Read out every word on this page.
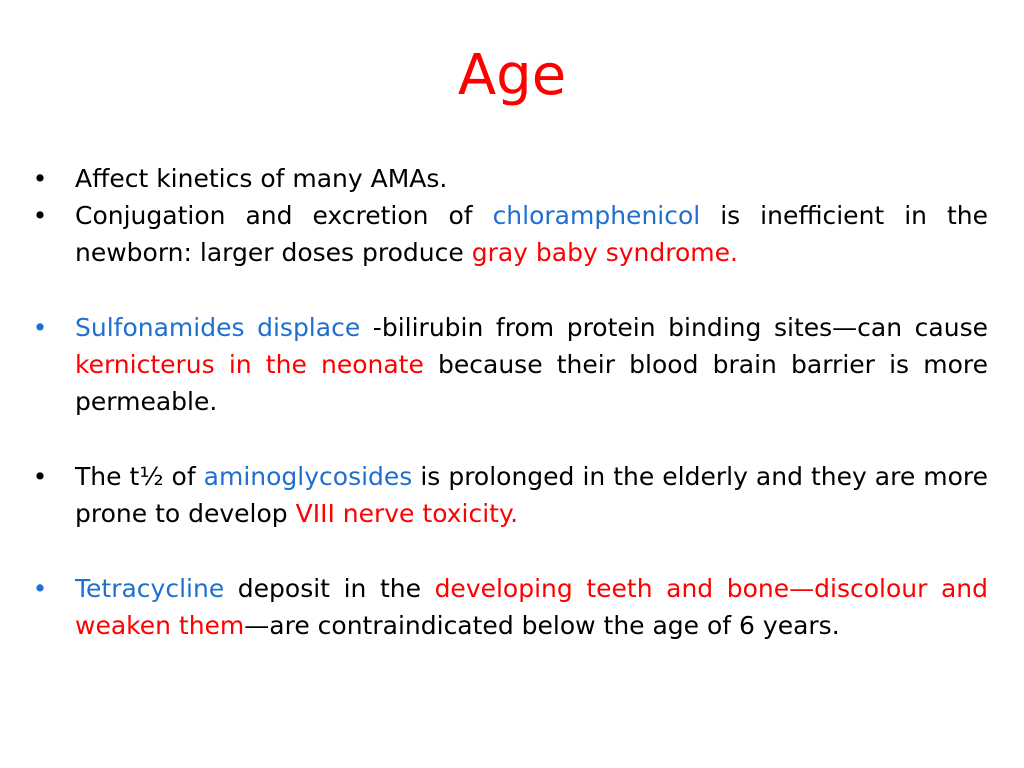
Age
• Affect kinetics of many AMAs.
• Conjugation and excretion of chloramphenicol is inefficient in the newborn: larger doses produce gray baby syndrome.
• Sulfonamides displace -bilirubin from protein binding sites—can cause kernicterus in the neonate because their blood brain barrier is more permeable.
• The t½ of aminoglycosides is prolonged in the elderly and they are more prone to develop VIII nerve toxicity.
• Tetracycline deposit in the developing teeth and bone—discolour and weaken them—are contraindicated below the age of 6 years.
